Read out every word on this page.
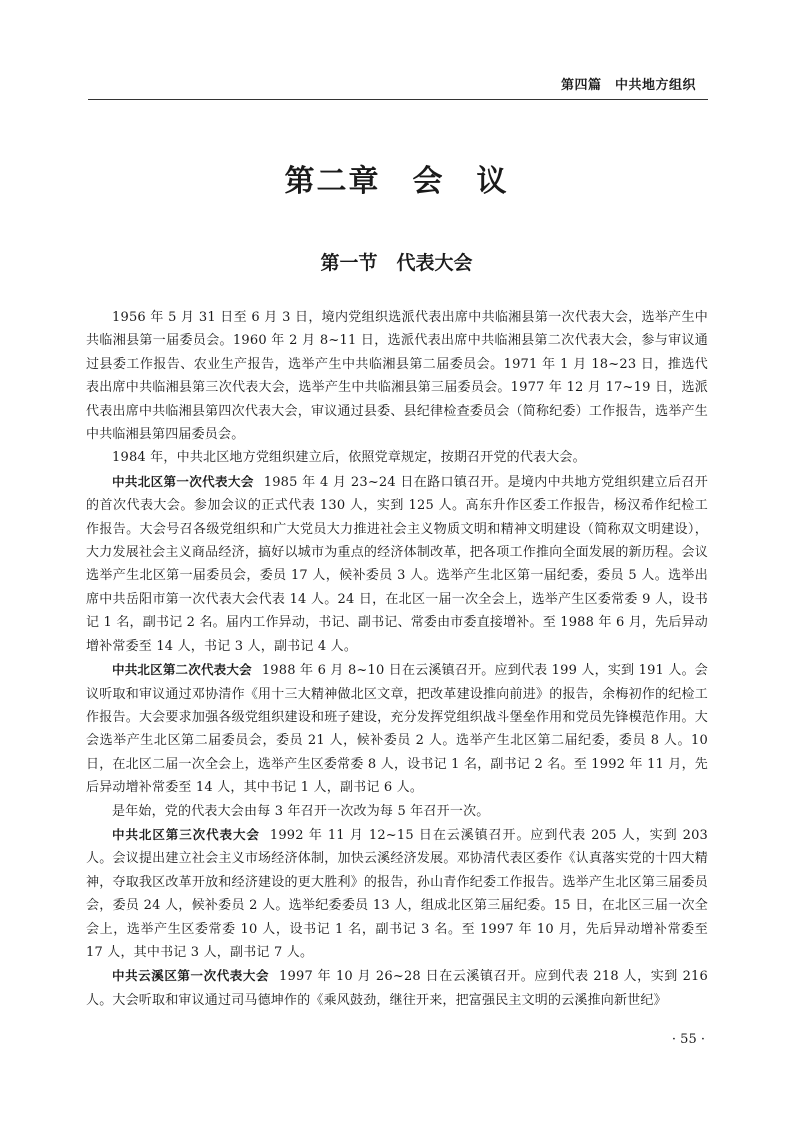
第四篇　中共地方组织
第二章　会　议
第一节　代表大会

1956 年 5 月 31 日至 6 月 3 日，境内党组织选派代表出席中共临湘县第一次代表大会，选举产生中共临湘县第一届委员会。1960 年 2 月 8~11 日，选派代表出席中共临湘县第二次代表大会，参与审议通过县委工作报告、农业生产报告，选举产生中共临湘县第二届委员会。1971 年 1 月 18~23 日，推选代表出席中共临湘县第三次代表大会，选举产生中共临湘县第三届委员会。1977 年 12 月 17~19 日，选派代表出席中共临湘县第四次代表大会，审议通过县委、县纪律检查委员会（简称纪委）工作报告，选举产生中共临湘县第四届委员会。

1984 年，中共北区地方党组织建立后，依照党章规定，按期召开党的代表大会。

中共北区第一次代表大会 1985 年 4 月 23~24 日在路口镇召开。是境内中共地方党组织建立后召开的首次代表大会。参加会议的正式代表 130 人，实到 125 人。高东升作区委工作报告，杨汉希作纪检工作报告。大会号召各级党组织和广大党员大力推进社会主义物质文明和精神文明建设（简称双文明建设），大力发展社会主义商品经济，搞好以城市为重点的经济体制改革，把各项工作推向全面发展的新历程。会议选举产生北区第一届委员会，委员 17 人，候补委员 3 人。选举产生北区第一届纪委，委员 5 人。选举出席中共岳阳市第一次代表大会代表 14 人。24 日，在北区一届一次全会上，选举产生区委常委 9 人，设书记 1 名，副书记 2 名。届内工作异动，书记、副书记、常委由市委直接增补。至 1988 年 6 月，先后异动增补常委至 14 人，书记 3 人，副书记 4 人。

中共北区第二次代表大会 1988 年 6 月 8~10 日在云溪镇召开。应到代表 199 人，实到 191 人。会议听取和审议通过邓协清作《用十三大精神做北区文章，把改革建设推向前进》的报告，余梅初作的纪检工作报告。大会要求加强各级党组织建设和班子建设，充分发挥党组织战斗堡垒作用和党员先锋模范作用。大会选举产生北区第二届委员会，委员 21 人，候补委员 2 人。选举产生北区第二届纪委，委员 8 人。10 日，在北区二届一次全会上，选举产生区委常委 8 人，设书记 1 名，副书记 2 名。至 1992 年 11 月，先后异动增补常委至 14 人，其中书记 1 人，副书记 6 人。

是年始，党的代表大会由每 3 年召开一次改为每 5 年召开一次。

中共北区第三次代表大会 1992 年 11 月 12~15 日在云溪镇召开。应到代表 205 人，实到 203 人。会议提出建立社会主义市场经济体制，加快云溪经济发展。邓协清代表区委作《认真落实党的十四大精神，夺取我区改革开放和经济建设的更大胜利》的报告，孙山青作纪委工作报告。选举产生北区第三届委员会，委员 24 人，候补委员 2 人。选举纪委委员 13 人，组成北区第三届纪委。15 日，在北区三届一次全会上，选举产生区委常委 10 人，设书记 1 名，副书记 3 名。至 1997 年 10 月，先后异动增补常委至 17 人，其中书记 3 人，副书记 7 人。

中共云溪区第一次代表大会 1997 年 10 月 26~28 日在云溪镇召开。应到代表 218 人，实到 216 人。大会听取和审议通过司马德坤作的《乘风鼓劲，继往开来，把富强民主文明的云溪推向新世纪》

· 55 ·
